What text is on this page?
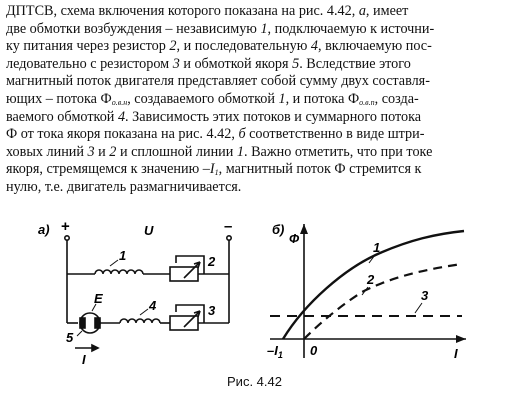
ДПТСВ, схема включения которого показана на рис. 4.42, а, имеет
две обмотки возбуждения – независимую 1, подключаемую к источни-
ку питания через резистор 2, и последовательную 4, включаемую пос-
ледовательно с резистором 3 и обмоткой якоря 5. Вследствие этого
магнитный поток двигателя представляет собой сумму двух составля-
ющих – потока $Ф_{о.в.н}$, создаваемого обмоткой 1, и потока $Ф_{о.в.п}$, созда-
ваемого обмоткой 4. Зависимость этих потоков и суммарного потока
Ф от тока якоря показана на рис. 4.42, б соответственно в виде штри-
ховых линий 3 и 2 и сплошной линии 1. Важно отметить, что при токе
якоря, стремящемся к значению $-I_1$, магнитный поток Ф стремится к
нулю, т.е. двигатель размагничивается.
а) +	–
U
1	2
4	3
E
5
I
б)
Ф
I
0
$-I_1$
1
2
3
Рис. 4.42
